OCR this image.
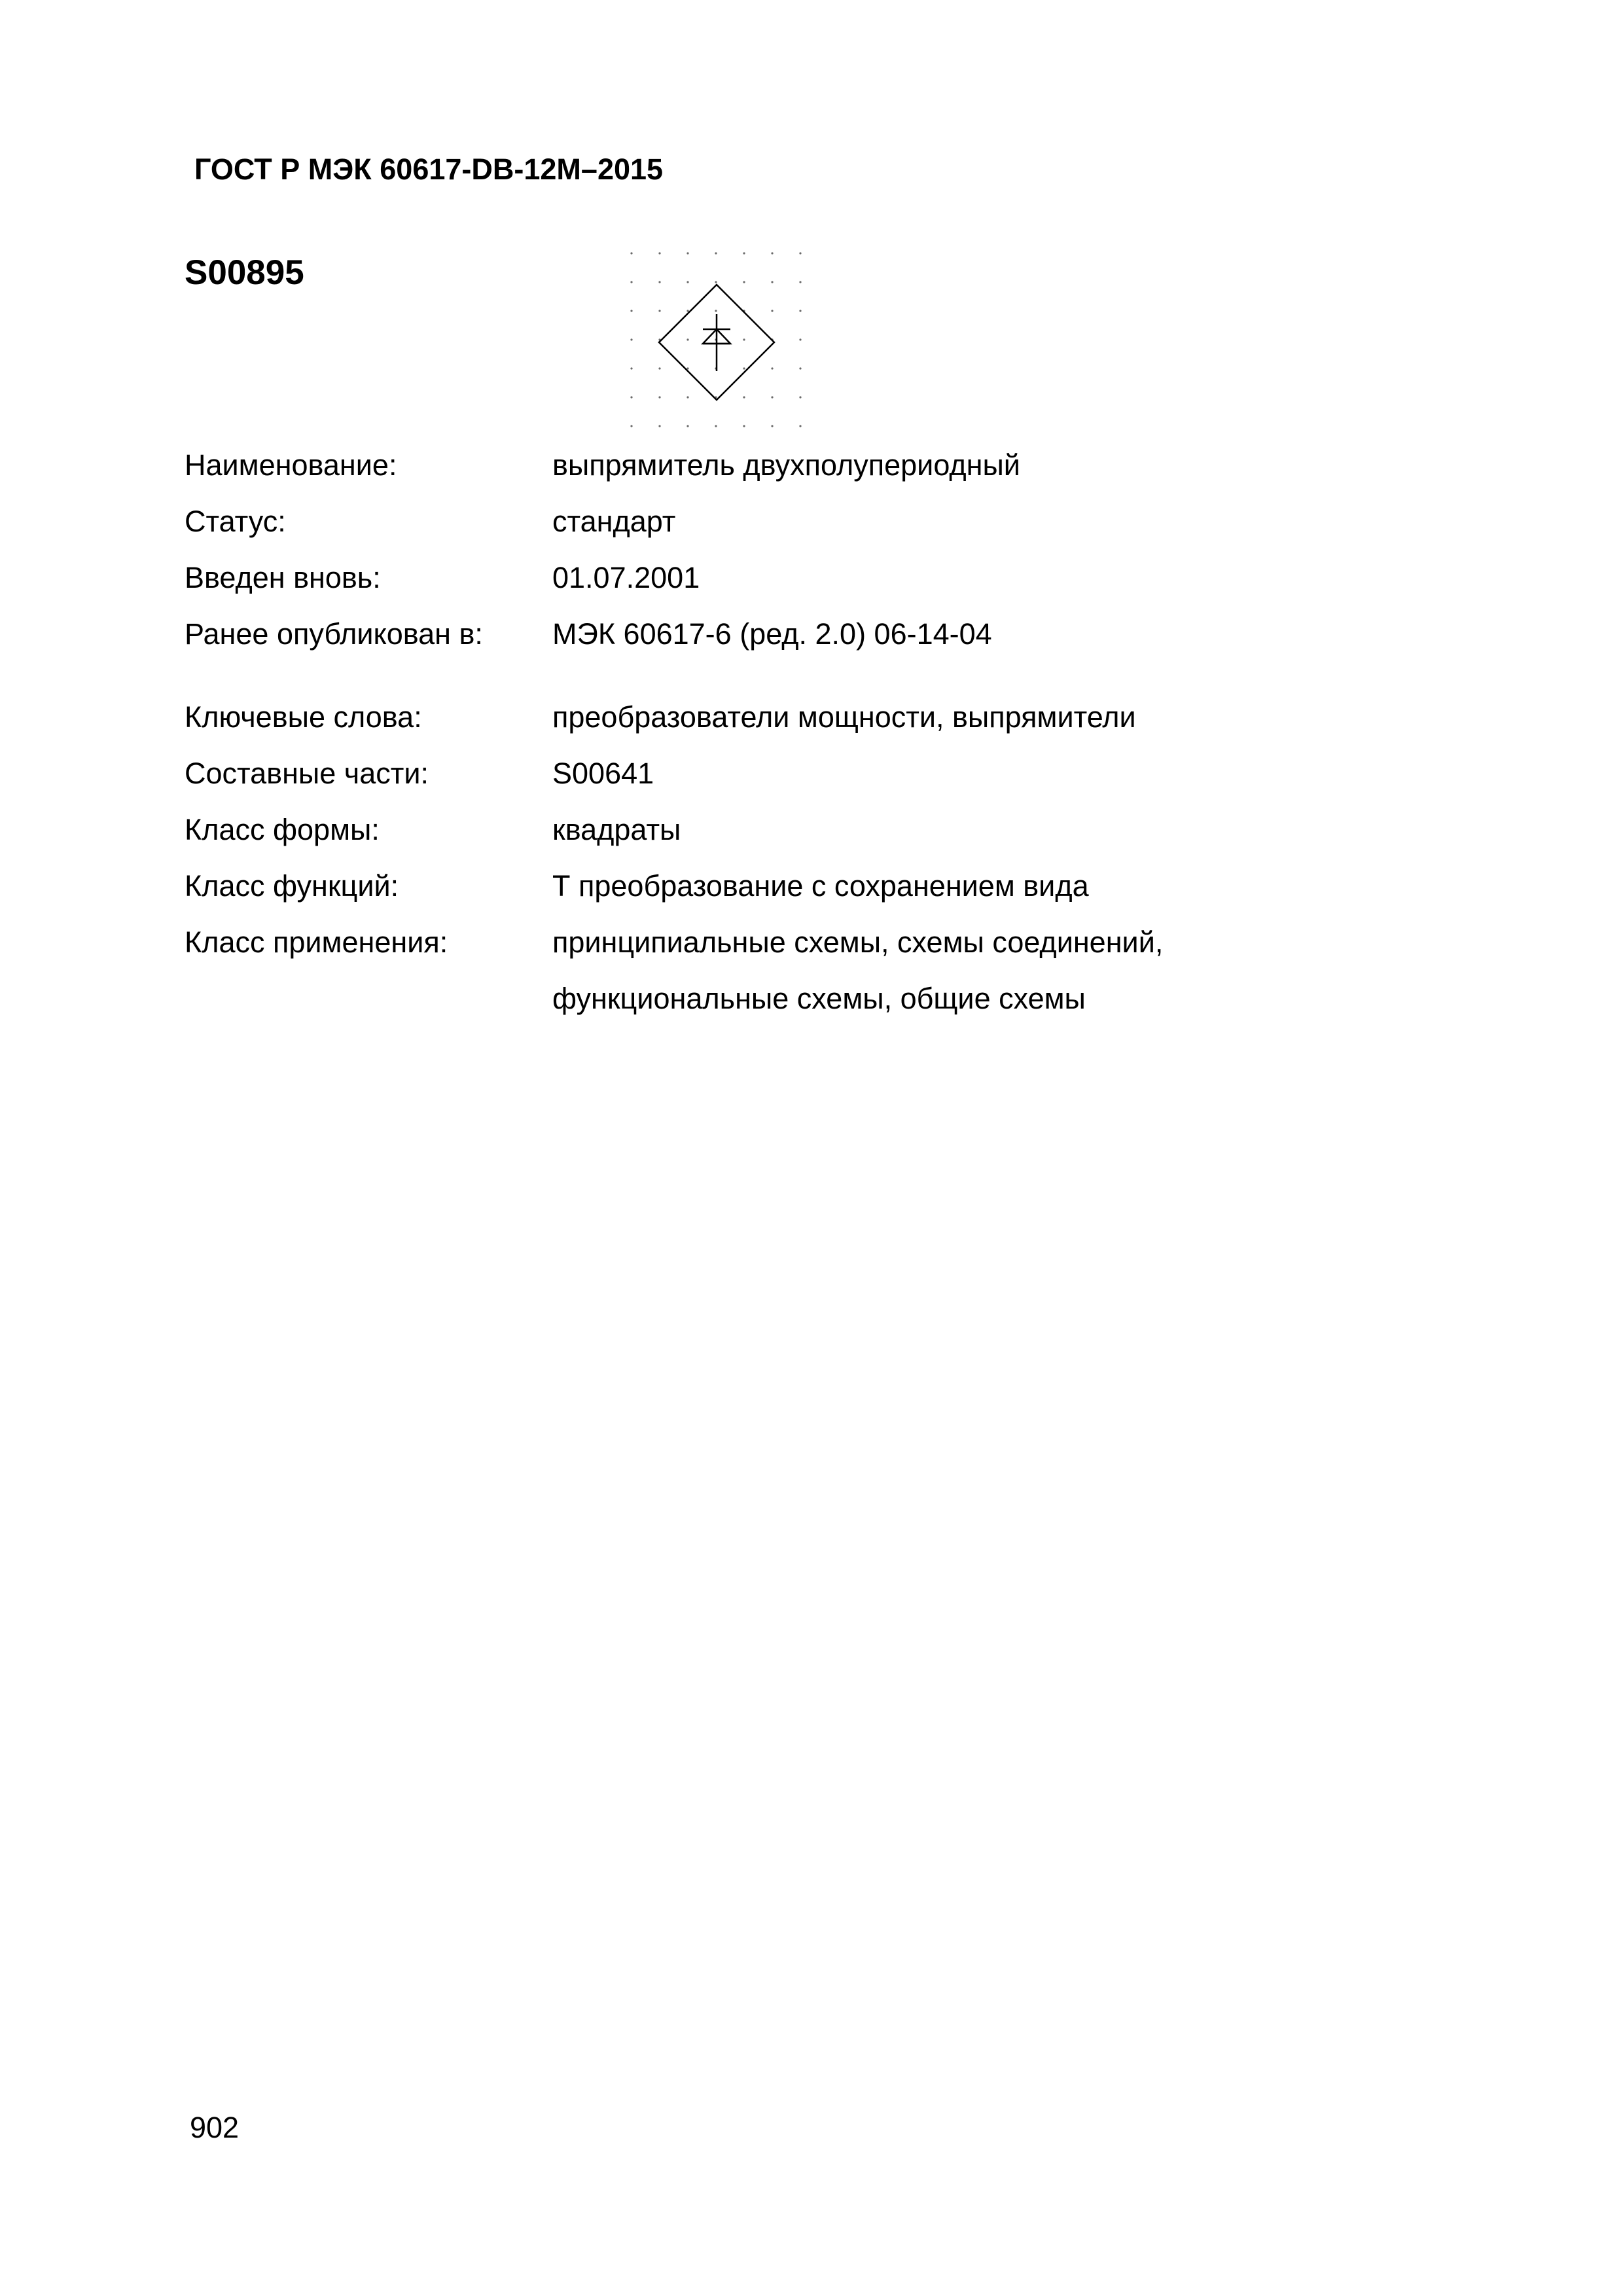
ГОСТ Р МЭК 60617-DB-12M–2015
S00895
Наименование:	выпрямитель двухполупериодный
Статус:	стандарт
Введен вновь:	01.07.2001
Ранее опубликован в: МЭК 60617-6 (ред. 2.0) 06-14-04
Ключевые слова:	преобразователи мощности, выпрямители
Составные части:	S00641
Класс формы:	квадраты
Класс функций:	Т преобразование с сохранением вида
Класс применения:	принципиальные схемы, схемы соединений,
функциональные схемы, общие схемы
902
